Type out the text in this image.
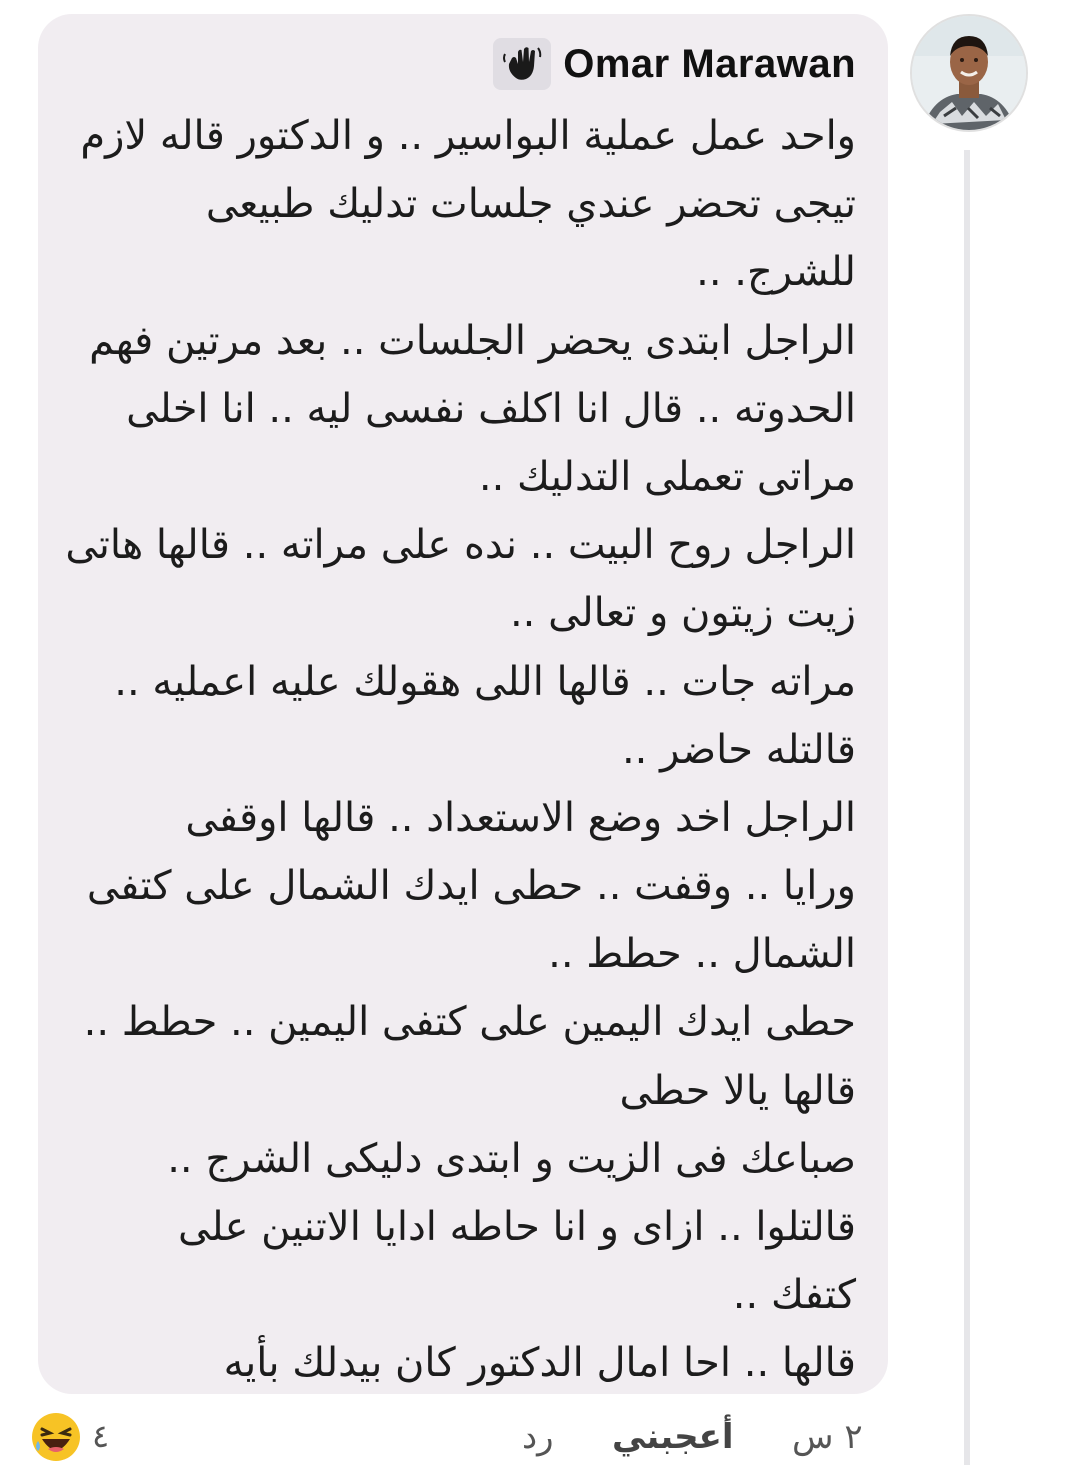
Omar Marawan
واحد عمل عملية البواسير .. و الدكتور قاله لازم
تيجى تحضر عندي جلسات تدليك طبيعى
للشرج. ..
الراجل ابتدى يحضر الجلسات .. بعد مرتين فهم
الحدوته .. قال انا اكلف نفسى ليه .. انا اخلى
مراتى تعملى التدليك ..
الراجل روح البيت .. نده على مراته .. قالها هاتى
زيت زيتون و تعالى ..
مراته جات .. قالها اللى هقولك عليه اعمليه ..
قالتله حاضر ..
الراجل اخد وضع الاستعداد .. قالها اوقفى
ورايا .. وقفت .. حطى ايدك الشمال على كتفى
الشمال .. حطط ..
حطى ايدك اليمين على كتفى اليمين .. حطط ..
قالها يالا حطى
صباعك فى الزيت و ابتدى دليكى الشرج ..
قالتلوا .. ازاى و انا حاطه ادايا الاتنين على
كتفك ..
قالها .. احا امال الدكتور كان بيدلك بأيه
٤	رد أعجبني ٢ س
